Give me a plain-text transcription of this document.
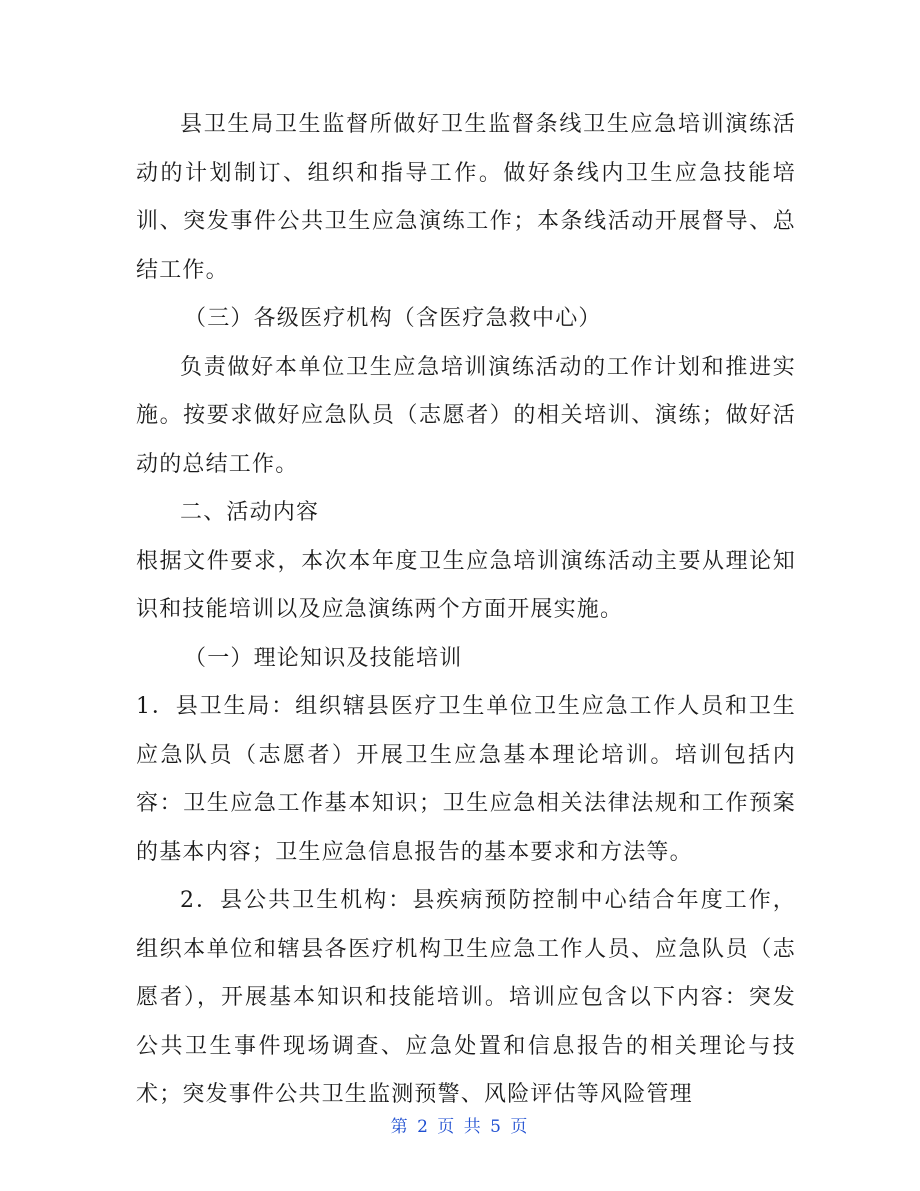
县卫生局卫生监督所做好卫生监督条线卫生应急培训演练活动的计划制订、组织和指导工作。做好条线内卫生应急技能培训、突发事件公共卫生应急演练工作；本条线活动开展督导、总结工作。

（三）各级医疗机构（含医疗急救中心）

负责做好本单位卫生应急培训演练活动的工作计划和推进实施。按要求做好应急队员（志愿者）的相关培训、演练；做好活动的总结工作。

二、活动内容

根据文件要求，本次本年度卫生应急培训演练活动主要从理论知识和技能培训以及应急演练两个方面开展实施。

（一）理论知识及技能培训

1．县卫生局：组织辖县医疗卫生单位卫生应急工作人员和卫生应急队员（志愿者）开展卫生应急基本理论培训。培训包括内容：卫生应急工作基本知识；卫生应急相关法律法规和工作预案的基本内容；卫生应急信息报告的基本要求和方法等。

2．县公共卫生机构：县疾病预防控制中心结合年度工作，组织本单位和辖县各医疗机构卫生应急工作人员、应急队员（志愿者），开展基本知识和技能培训。培训应包含以下内容：突发公共卫生事件现场调查、应急处置和信息报告的相关理论与技术；突发事件公共卫生监测预警、风险评估等风险管理

第 2 页 共 5 页
